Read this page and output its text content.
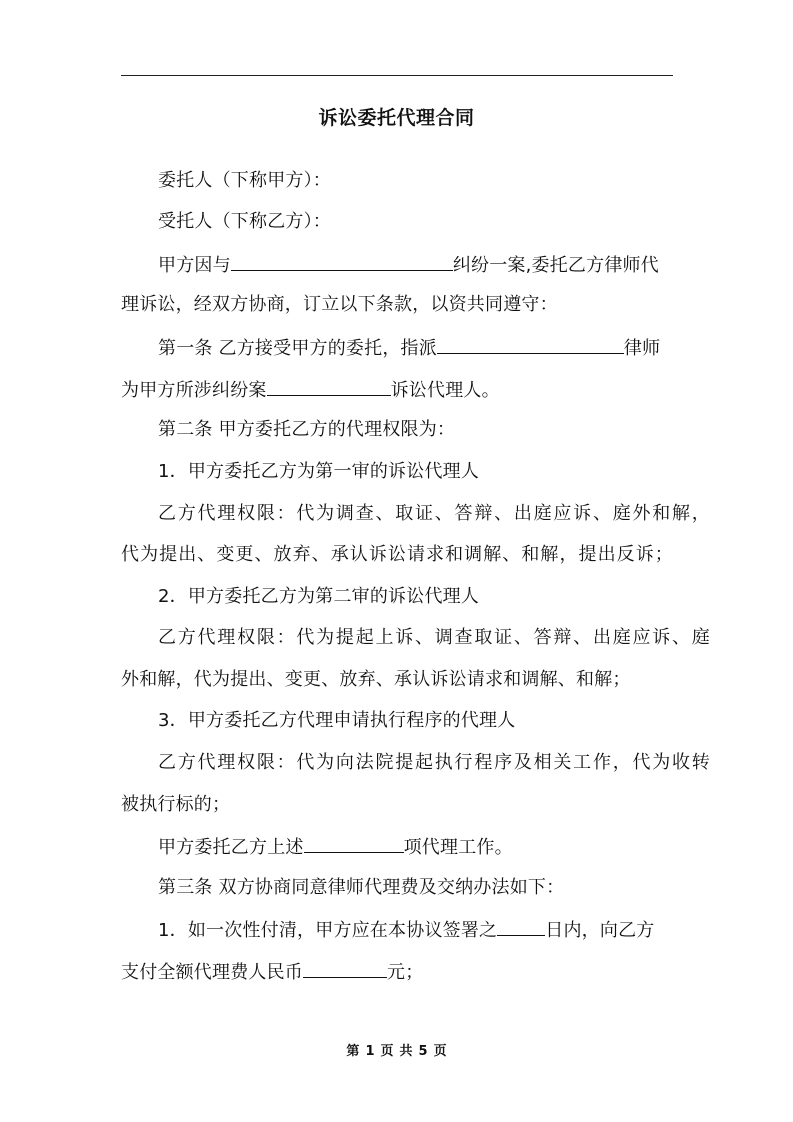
诉讼委托代理合同
委托人（下称甲方）：
受托人（下称乙方）：
甲方因与	纠纷一案,委托乙方律师代
理诉讼，经双方协商，订立以下条款，以资共同遵守：
第一条 乙方接受甲方的委托，指派	律师
为甲方所涉纠纷案	诉讼代理人。
第二条 甲方委托乙方的代理权限为：
1．甲方委托乙方为第一审的诉讼代理人
乙方代理权限：代为调查、取证、答辩、出庭应诉、庭外和解，
代为提出、变更、放弃、承认诉讼请求和调解、和解，提出反诉；
2．甲方委托乙方为第二审的诉讼代理人
乙方代理权限：代为提起上诉、调查取证、答辩、出庭应诉、庭
外和解，代为提出、变更、放弃、承认诉讼请求和调解、和解；
3．甲方委托乙方代理申请执行程序的代理人
乙方代理权限：代为向法院提起执行程序及相关工作，代为收转
被执行标的；
甲方委托乙方上述	项代理工作。
第三条 双方协商同意律师代理费及交纳办法如下：
1．如一次性付清，甲方应在本协议签署之	日内，向乙方
支付全额代理费人民币	元；
第 1 页 共 5 页
